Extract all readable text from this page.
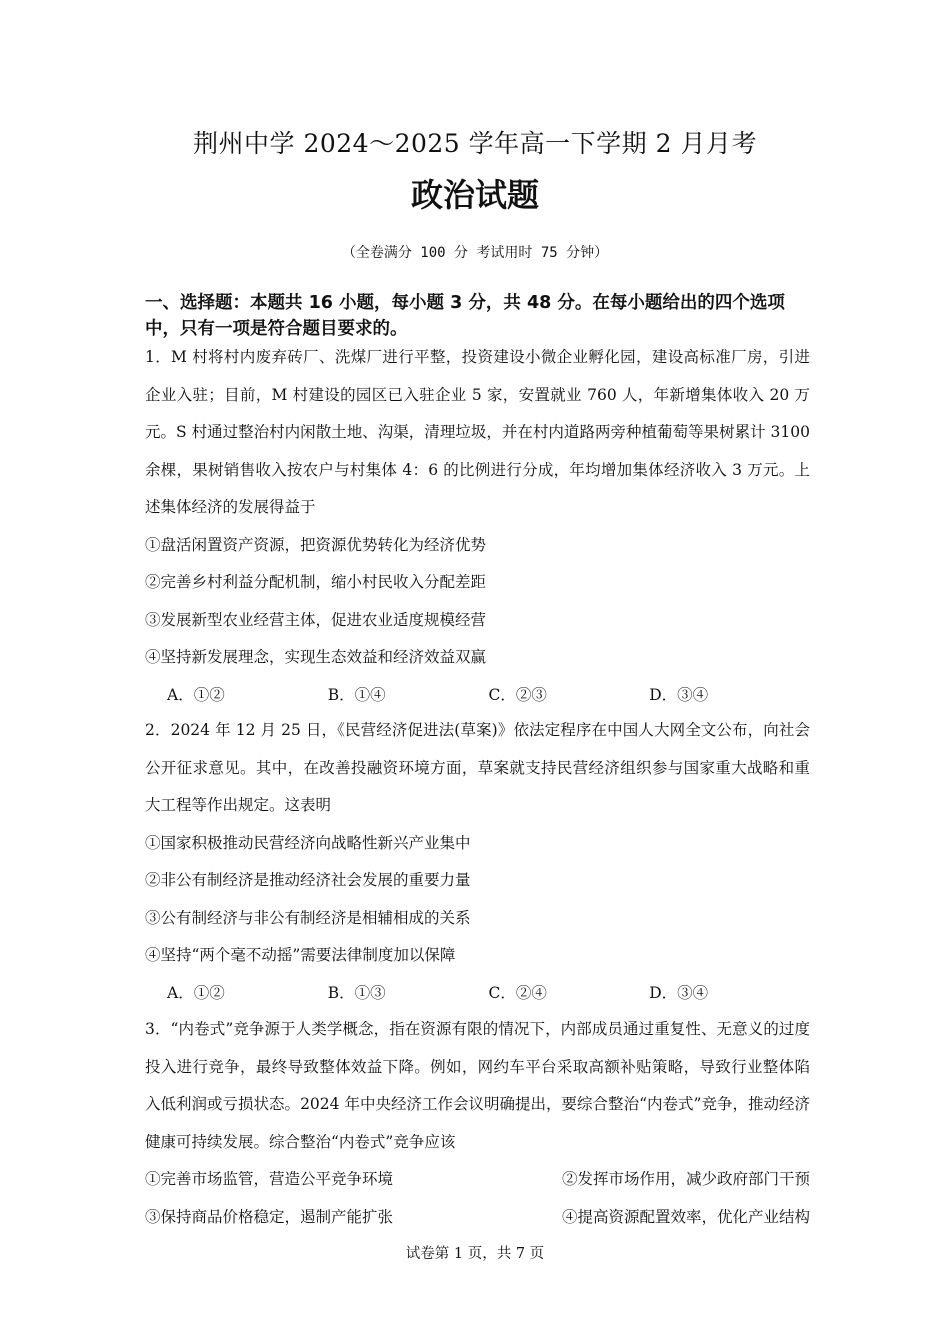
荆州中学 2024～2025 学年高一下学期 2 月月考
政治试题
（全卷满分 100 分 考试用时 75 分钟）
一、选择题：本题共 16 小题，每小题 3 分，共 48 分。在每小题给出的四个选项中，只有一项是符合题目要求的。

1．M 村将村内废弃砖厂、洗煤厂进行平整，投资建设小微企业孵化园，建设高标准厂房，引进企业入驻；目前，M 村建设的园区已入驻企业 5 家，安置就业 760 人，年新增集体收入 20 万元。S 村通过整治村内闲散土地、沟渠，清理垃圾，并在村内道路两旁种植葡萄等果树累计 3100 余棵，果树销售收入按农户与村集体 4：6 的比例进行分成，年均增加集体经济收入 3 万元。上述集体经济的发展得益于

①盘活闲置资产资源，把资源优势转化为经济优势

②完善乡村利益分配机制，缩小村民收入分配差距

③发展新型农业经营主体，促进农业适度规模经营

④坚持新发展理念，实现生态效益和经济效益双赢

A．①②	B．①④	C．②③	D．③④

2．2024 年 12 月 25 日，《民营经济促进法(草案)》依法定程序在中国人大网全文公布，向社会公开征求意见。其中，在改善投融资环境方面，草案就支持民营经济组织参与国家重大战略和重大工程等作出规定。这表明

①国家积极推动民营经济向战略性新兴产业集中

②非公有制经济是推动经济社会发展的重要力量

③公有制经济与非公有制经济是相辅相成的关系

④坚持“两个毫不动摇”需要法律制度加以保障

A．①②	B．①③	C．②④	D．③④

3．“内卷式”竞争源于人类学概念，指在资源有限的情况下，内部成员通过重复性、无意义的过度投入进行竞争，最终导致整体效益下降。例如，网约车平台采取高额补贴策略，导致行业整体陷入低利润或亏损状态。2024 年中央经济工作会议明确提出，要综合整治“内卷式”竞争，推动经济健康可持续发展。综合整治“内卷式”竞争应该

①完善市场监管，营造公平竞争环境	②发挥市场作用，减少政府部门干预
③保持商品价格稳定，遏制产能扩张	④提高资源配置效率，优化产业结构
试卷第 1 页，共 7 页
